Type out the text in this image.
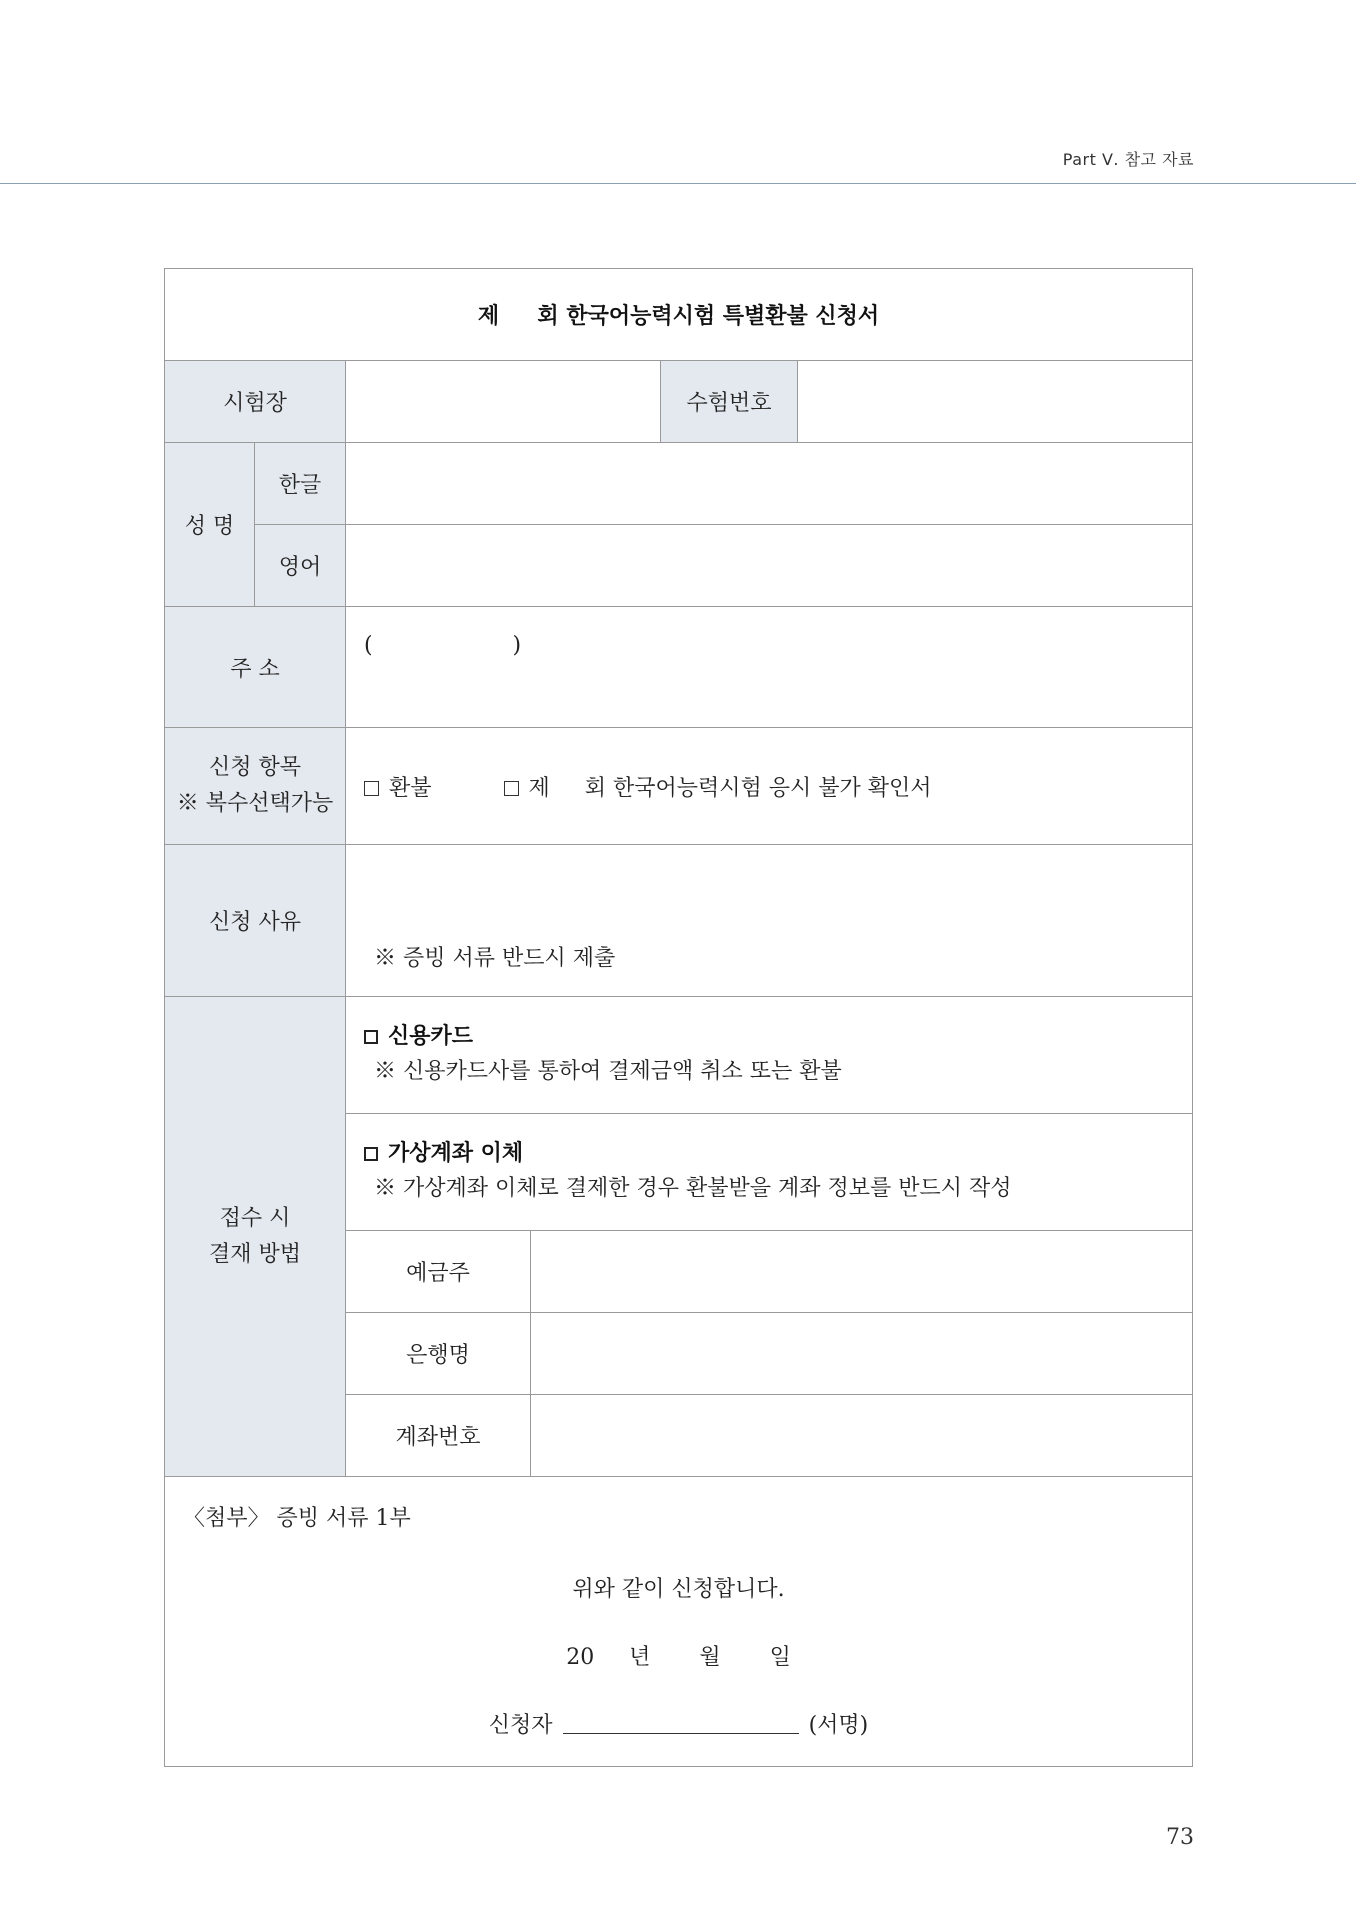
Part Ⅴ. 참고 자료
제     회 한국어능력시험 특별환불 신청서					
시험장				수험번호	
성 명	한글				
	영어				
주 소		(                    )			

신청 항목
※ 복수선택가능		환불 제     회 한국어능력시험 응시 불가 확인서			
신청 사유		※ 증빙 서류 반드시 제출			

접수 시
결재 방법		신용카드
※ 신용카드사를 통하여 결제금액 취소 또는 환불			

		가상계좌 이체
※ 가상계좌 이체로 결제한 경우 환불받을 계좌 정보를 반드시 작성			

		예금주			
		은행명			
		계좌번호			

〈첨부〉 증빙 서류 1부
위와 같이 신청합니다.
20     년       월       일
신청자 (서명)					
73
